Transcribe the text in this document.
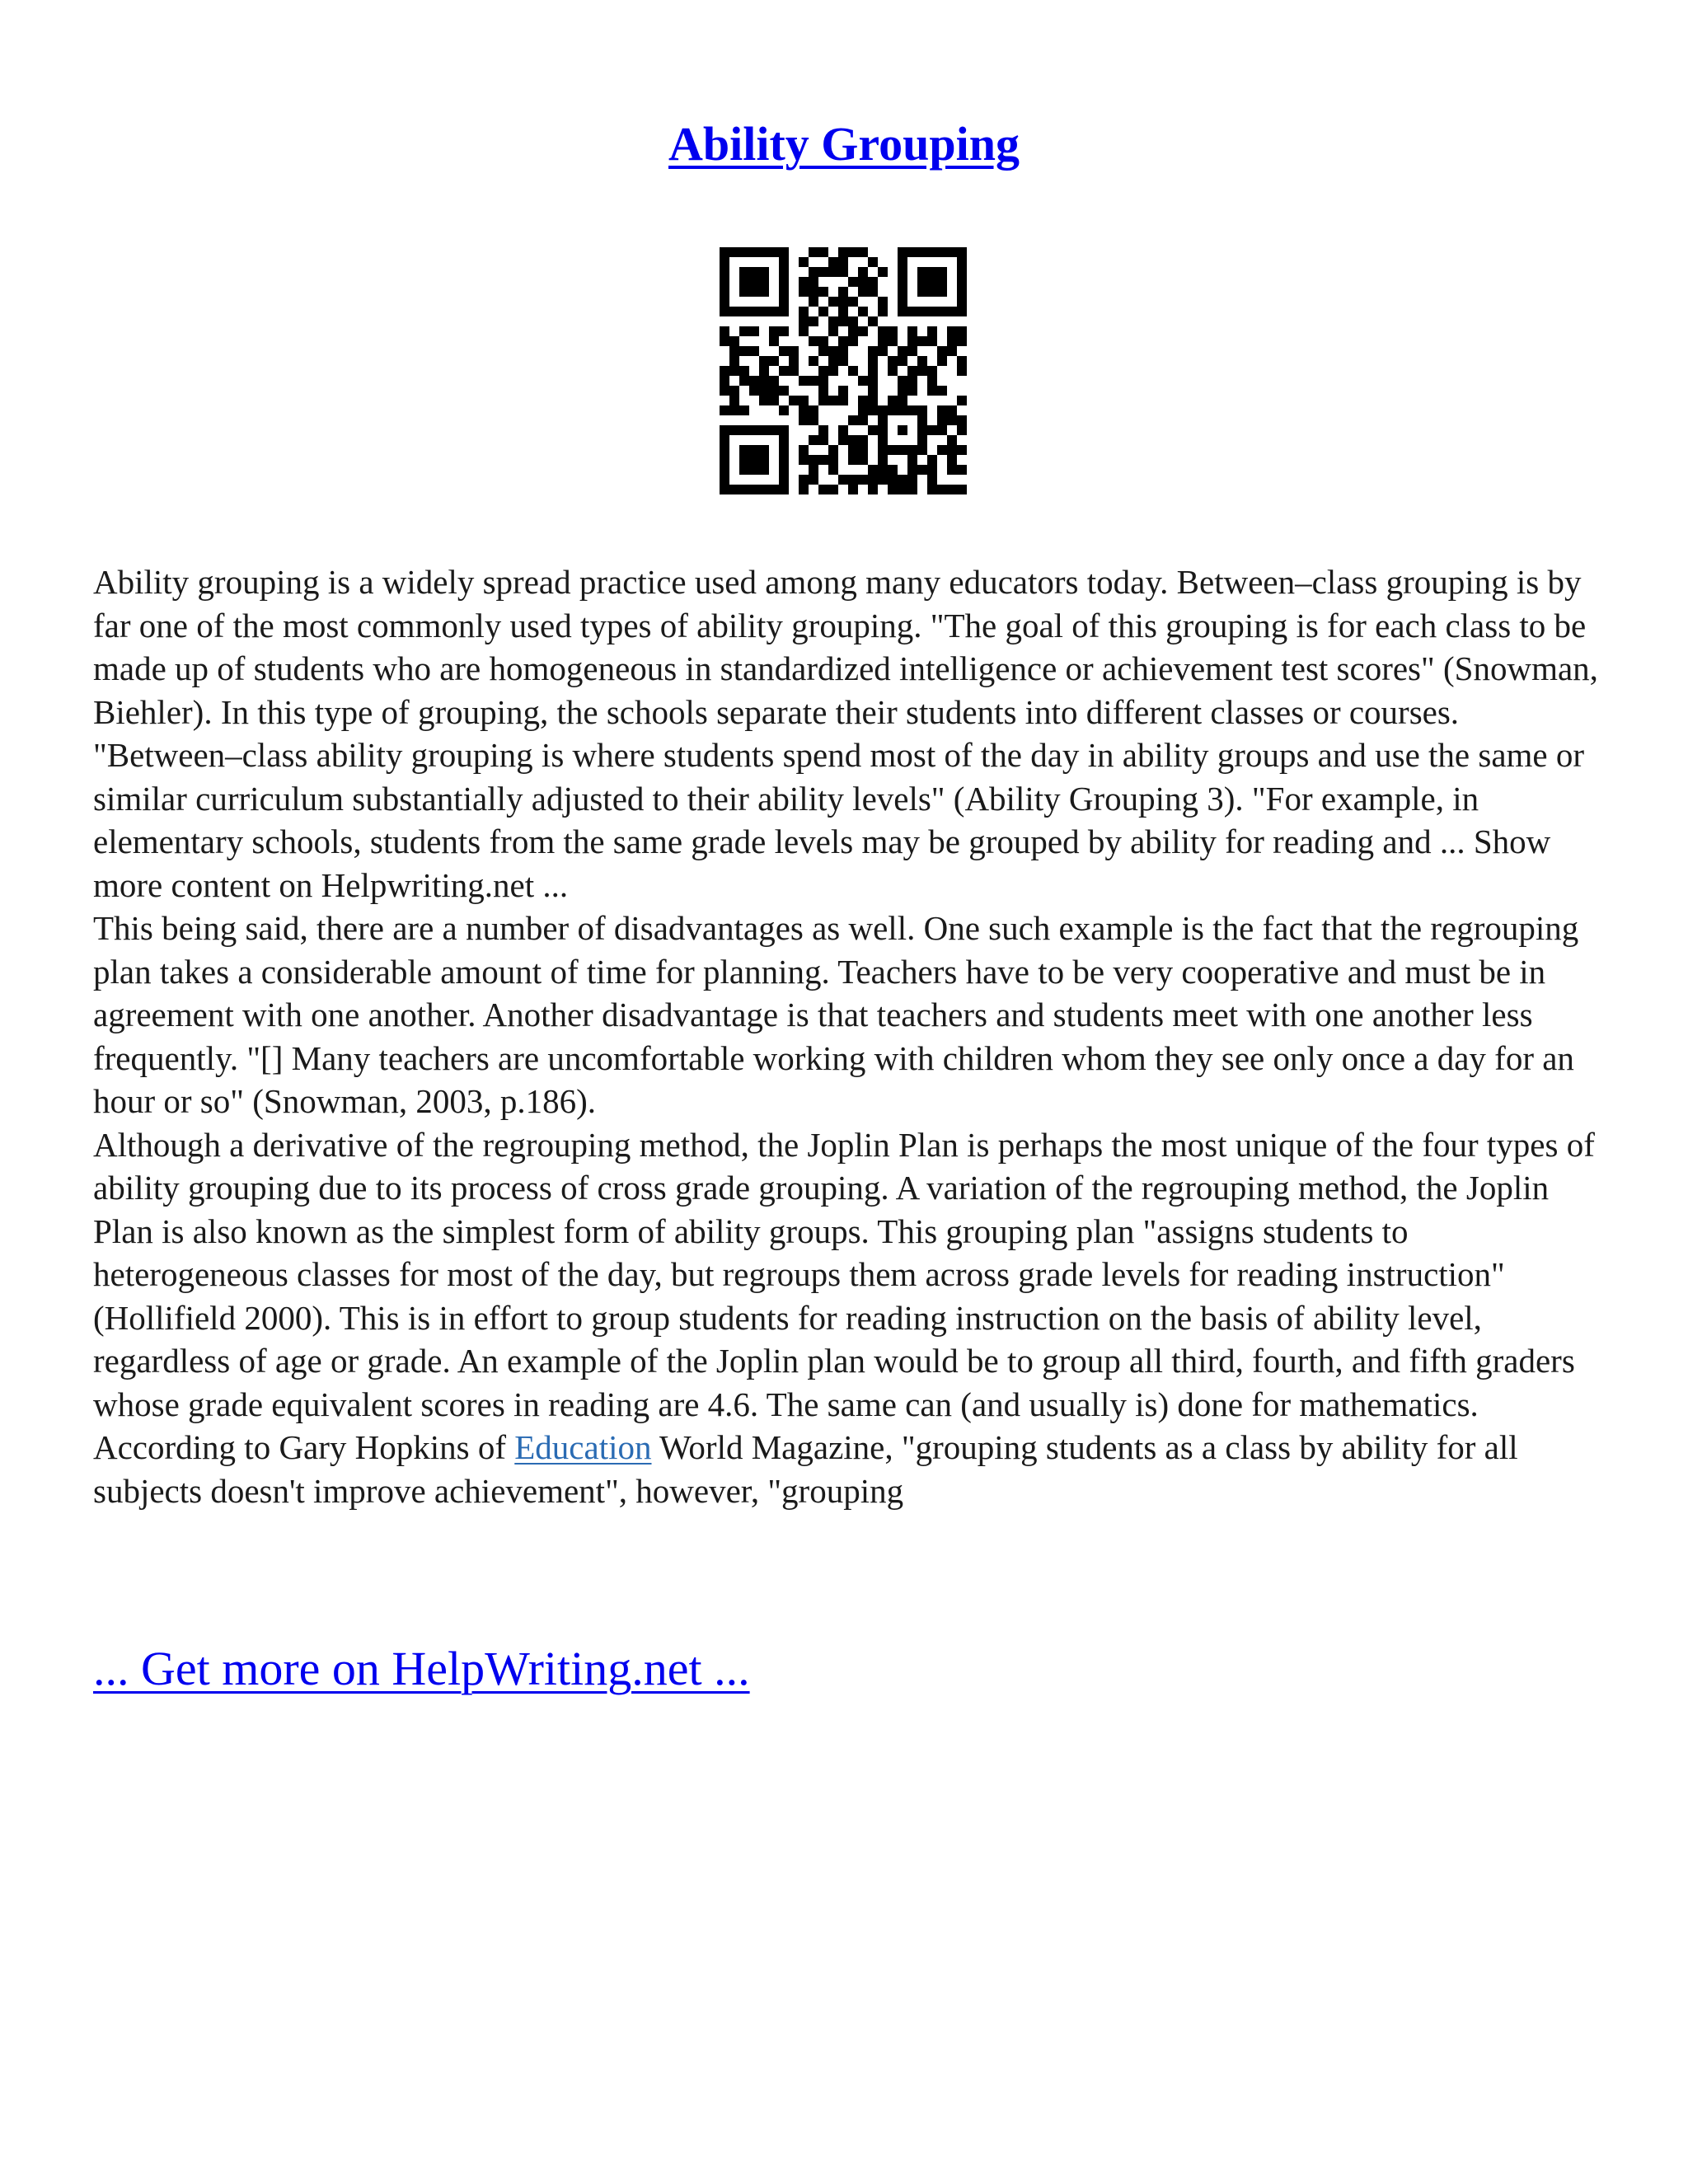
Ability Grouping

Ability grouping is a widely spread practice used among many educators today. Between–class grouping is by far one of the most commonly used types of ability grouping. "The goal of this grouping is for each class to be made up of students who are homogeneous in standardized intelligence or achievement test scores" (Snowman, Biehler). In this type of grouping, the schools separate their students into different classes or courses. "Between–class ability grouping is where students spend most of the day in ability groups and use the same or similar curriculum substantially adjusted to their ability levels" (Ability Grouping 3). "For example, in elementary schools, students from the same grade levels may be grouped by ability for reading and ... Show more content on Helpwriting.net ...

This being said, there are a number of disadvantages as well. One such example is the fact that the regrouping plan takes a considerable amount of time for planning. Teachers have to be very cooperative and must be in agreement with one another. Another disadvantage is that teachers and students meet with one another less frequently. "[] Many teachers are uncomfortable working with children whom they see only once a day for an hour or so" (Snowman, 2003, p.186).

Although a derivative of the regrouping method, the Joplin Plan is perhaps the most unique of the four types of ability grouping due to its process of cross grade grouping. A variation of the regrouping method, the Joplin Plan is also known as the simplest form of ability groups. This grouping plan "assigns students to heterogeneous classes for most of the day, but regroups them across grade levels for reading instruction" (Hollifield 2000). This is in effort to group students for reading instruction on the basis of ability level, regardless of age or grade. An example of the Joplin plan would be to group all third, fourth, and fifth graders whose grade equivalent scores in reading are 4.6. The same can (and usually is) done for mathematics. According to Gary Hopkins of Education World Magazine, "grouping students as a class by ability for all subjects doesn't improve achievement", however, "grouping

... Get more on HelpWriting.net ...
